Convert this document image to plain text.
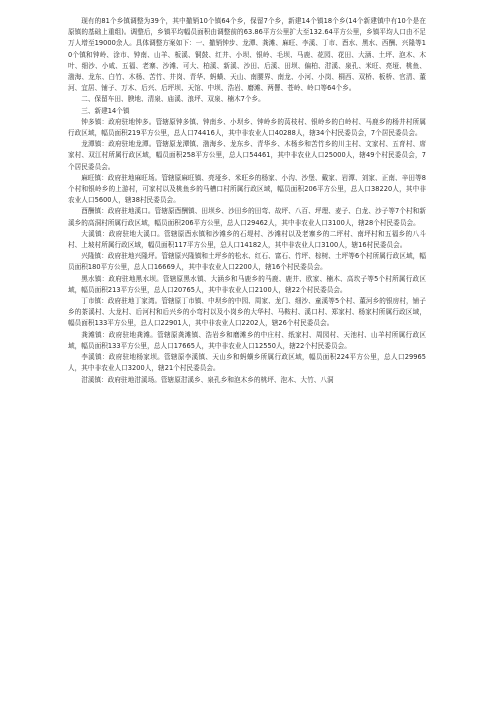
现有的81个乡镇调整为39个，其中撤销10个镇64个乡，保留7个乡，新建14个镇18个乡(14个新建镇中有10个是在原镇的基础上重组)。调整后，乡镇平均幅员面积由调整前的63.86平方公里扩大至132.64平方公里，乡镇平均人口由不足万人增至19000余人。具体调整方案如下：一、撤销钟步、龙潭、龚滩、麻旺、李溪、丁市、酉水、黑水、西酬、兴隆等10个镇和钟岭、涂市、钟南、山羊、板溪、铜鼓、红井、小坝、银岭、毛坝、马鹿、花园、花田、大涵、土坪、泡木、木叶、细沙、小咸、五福、老寨、沙滩、可大、柏溪、新溪、沙田、后溪、田坝、偏柏、泔溪、泉孔、米旺、亮垭、桃鱼、渤海、龙东、白竹、木杨、苦竹、井岗、青华、蚂蟥、天山、南腰界、南龙、小河、小岗、桐西、双桥、板桥、官清、董河、宜居、铺子、万木、后兴、后坪坝、天馆、中坝、浩岩、磨滩、两罾、苍岭、岭口等64个乡。

二、保留车田、腴地、清泉、庙溪、浪坪、双泉、楠木7个乡。

三、新建14个镇

钟多镇：政府驻地钟多。管辖原钟多镇、钟南乡、小坝乡、钟岭乡的莴枝村、银岭乡的白岭村、马鹿乡的杨井村所属行政区域，幅员面积219平方公里，总人口74416人，其中非农业人口40288人，辖34个村民委员会，7个居民委员会。

龙潭镇：政府驻地龙潭。管辖原龙潭镇、渤海乡、龙东乡、青华乡、木杨乡和苦竹乡的川主村、文家村、五育村、席家村、双江村所属行政区域，幅员面积258平方公里，总人口54461，其中非农业人口25000人，辖49个村民委员会，7个居民委员会。

麻旺镇：政府驻地麻旺场。管辖原麻旺镇、亮垭乡、米旺乡的杨家、小沟、沙堡、戴家、岩潭、刘家、正南、辛田等8个村和银岭乡的上游村，可家村以及桃鱼乡的马槽口村所属行政区域，幅员面积206平方公里，总人口38220人，其中非农业人口5600人，辖38村民委员会。

酉酬镇：政府驻地溪口。管辖原酉酬镇、田坝乡、沙田乡的田弯、故坪、八百、坪理、麦子、白龙、沙子等7个村和新溪乡的高洞村所属行政区域，幅员面积206平方公里，总人口29462人，其中非农业人口3100人，辖28个村民委员会。

大溪镇：政府驻地大溪口。管辖原酉水镇和沙滩乡的石堤村、沙滩村以及老寨乡的二坪村、南坪村和五福乡的八斗村、上坡村所属行政区域，幅员面积117平方公里，总人口14182人，其中非农业人口3100人，辖16村民委员会。

兴隆镇：政府驻地兴隆坪。管辖原兴隆镇和土坪乡的松水、红石、富石、竹坪、棕树、土坪等6个村所属行政区域，幅员面积180平方公里，总人口16669人，其中非农业人口2200人，辖16个村民委员会。

黑水镇：政府驻地黑水坝。管辖原黑水镇、大涵乡和马鹿乡的马鹿、鹿井、欧家、楠木、高坎子等5个村所属行政区域，幅员面积213平方公里，总人口20765人，其中非农业人口2100人，辖22个村民委员会。

丁市镇：政府驻地丁家湾。管辖原丁市镇、中坝乡的中园、周家、龙门、细沙、童溪等5个村、董河乡的银房村，铺子乡的茶溪村、大龙村、后河村和后兴乡的小弯村以及小岗乡的大华村、马鞍村、溪口村、郑家村、杨家村所属行政区域，幅员面积133平方公里，总人口22901人，其中非农业人口2202人，辖26个村民委员会。

龚滩镇：政府驻地龚滩。管辖原龚滩镇、浩岩乡和磨滩乡的中庄村、纸家村、周园村、天池村、山羊村所属行政区域，幅员面积133平方公里，总人口17665人，其中非农业人口12550人，辖22个村民委员会。

李溪镇：政府驻地杨家坝。管辖原李溪镇、天山乡和蚂蟥乡所属行政区域，幅员面积224平方公里，总人口29965人，其中非农业人口3200人，辖21个村民委员会。

泔溪镇：政府驻地泔溪场。管辖原泔溪乡、泉孔乡和泡木乡的桃坪、泡木、大竹、八洞
